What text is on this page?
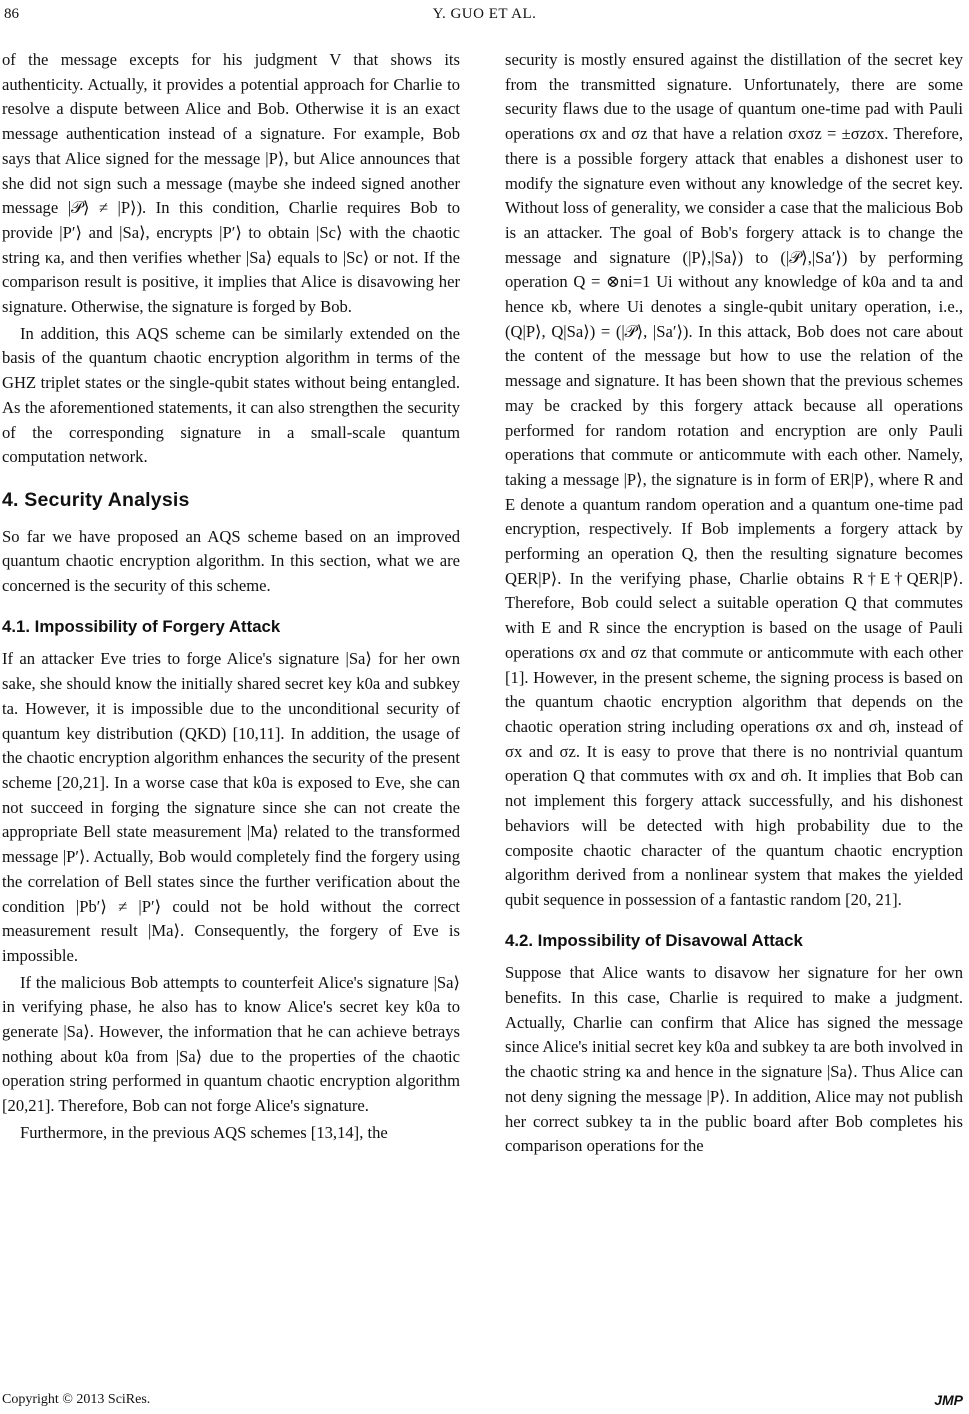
86	Y. GUO ET AL.

of the message excepts for his judgment V that shows its authenticity. Actually, it provides a potential approach for Charlie to resolve a dispute between Alice and Bob. Otherwise it is an exact message authentication instead of a signature. For example, Bob says that Alice signed for the message |P⟩, but Alice announces that she did not sign such a message (maybe she indeed signed another message |𝒫⟩ ≠ |P⟩). In this condition, Charlie requires Bob to provide |P′⟩ and |Sa⟩, encrypts |P′⟩ to obtain |Sc⟩ with the chaotic string κa, and then verifies whether |Sa⟩ equals to |Sc⟩ or not. If the comparison result is positive, it implies that Alice is disavowing her signature. Otherwise, the signature is forged by Bob.

In addition, this AQS scheme can be similarly extended on the basis of the quantum chaotic encryption algorithm in terms of the GHZ triplet states or the single-qubit states without being entangled. As the aforementioned statements, it can also strengthen the security of the corresponding signature in a small-scale quantum computation network.

4. Security Analysis

So far we have proposed an AQS scheme based on an improved quantum chaotic encryption algorithm. In this section, what we are concerned is the security of this scheme.

4.1. Impossibility of Forgery Attack

If an attacker Eve tries to forge Alice's signature |Sa⟩ for her own sake, she should know the initially shared secret key k0a and subkey ta. However, it is impossible due to the unconditional security of quantum key distribution (QKD) [10,11]. In addition, the usage of the chaotic encryption algorithm enhances the security of the present scheme [20,21]. In a worse case that k0a is exposed to Eve, she can not succeed in forging the signature since she can not create the appropriate Bell state measurement |Ma⟩ related to the transformed message |P′⟩. Actually, Bob would completely find the forgery using the correlation of Bell states since the further verification about the condition |Pb′⟩ ≠ |P′⟩ could not be hold without the correct measurement result |Ma⟩. Consequently, the forgery of Eve is impossible.

If the malicious Bob attempts to counterfeit Alice's signature |Sa⟩ in verifying phase, he also has to know Alice's secret key k0a to generate |Sa⟩. However, the information that he can achieve betrays nothing about k0a from |Sa⟩ due to the properties of the chaotic operation string performed in quantum chaotic encryption algorithm [20,21]. Therefore, Bob can not forge Alice's signature.

Furthermore, in the previous AQS schemes [13,14], the

security is mostly ensured against the distillation of the secret key from the transmitted signature. Unfortunately, there are some security flaws due to the usage of quantum one-time pad with Pauli operations σx and σz that have a relation σxσz = ±σzσx. Therefore, there is a possible forgery attack that enables a dishonest user to modify the signature even without any knowledge of the secret key. Without loss of generality, we consider a case that the malicious Bob is an attacker. The goal of Bob's forgery attack is to change the message and signature (|P⟩,|Sa⟩) to (|𝒫⟩,|Sa′⟩) by performing operation Q = ⊗ni=1 Ui without any knowledge of k0a and ta and hence κb, where Ui denotes a single-qubit unitary operation, i.e., (Q|P⟩, Q|Sa⟩) = (|𝒫⟩, |Sa′⟩). In this attack, Bob does not care about the content of the message but how to use the relation of the message and signature. It has been shown that the previous schemes may be cracked by this forgery attack because all operations performed for random rotation and encryption are only Pauli operations that commute or anticommute with each other. Namely, taking a message |P⟩, the signature is in form of ER|P⟩, where R and E denote a quantum random operation and a quantum one-time pad encryption, respectively. If Bob implements a forgery attack by performing an operation Q, then the resulting signature becomes QER|P⟩. In the verifying phase, Charlie obtains R†E†QER|P⟩. Therefore, Bob could select a suitable operation Q that commutes with E and R since the encryption is based on the usage of Pauli operations σx and σz that commute or anticommute with each other [1]. However, in the present scheme, the signing process is based on the quantum chaotic encryption algorithm that depends on the chaotic operation string including operations σx and σh, instead of σx and σz. It is easy to prove that there is no nontrivial quantum operation Q that commutes with σx and σh. It implies that Bob can not implement this forgery attack successfully, and his dishonest behaviors will be detected with high probability due to the composite chaotic character of the quantum chaotic encryption algorithm derived from a nonlinear system that makes the yielded qubit sequence in possession of a fantastic random [20, 21].

4.2. Impossibility of Disavowal Attack

Suppose that Alice wants to disavow her signature for her own benefits. In this case, Charlie is required to make a judgment. Actually, Charlie can confirm that Alice has signed the message since Alice's initial secret key k0a and subkey ta are both involved in the chaotic string κa and hence in the signature |Sa⟩. Thus Alice can not deny signing the message |P⟩. In addition, Alice may not publish her correct subkey ta in the public board after Bob completes his comparison operations for the

Copyright © 2013 SciRes.	JMP
